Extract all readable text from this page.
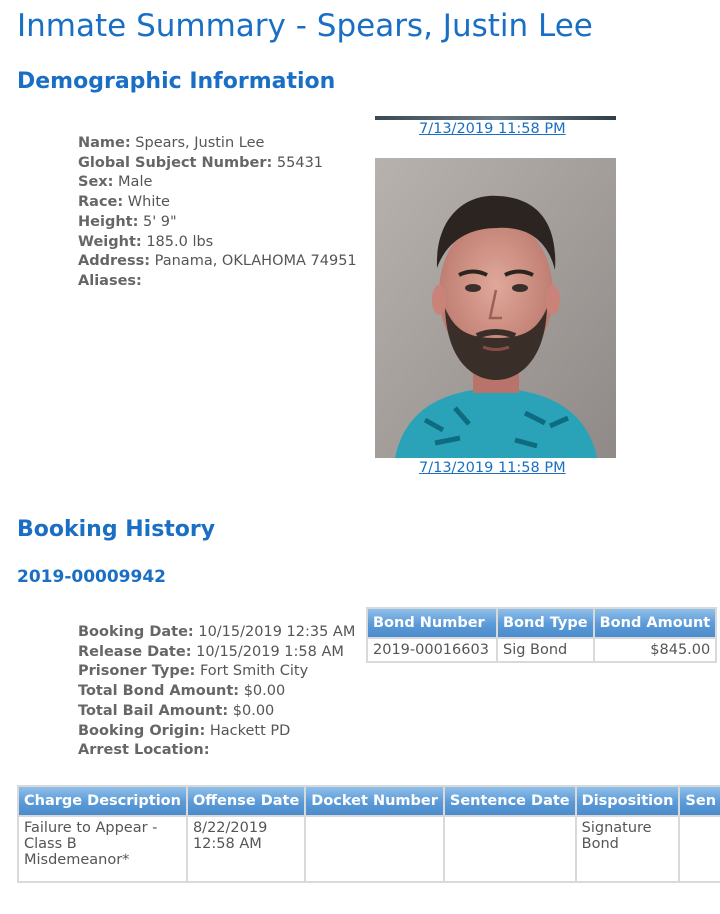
Inmate Summary - Spears, Justin Lee
Demographic Information
Name: Spears, Justin Lee
Global Subject Number: 55431
Sex: Male
Race: White
Height: 5' 9"
Weight: 185.0 lbs
Address: Panama, OKLAHOMA 74951
Aliases:
7/13/2019 11:58 PM
7/13/2019 11:58 PM
Booking History
2019-00009942
Booking Date: 10/15/2019 12:35 AM
Release Date: 10/15/2019 1:58 AM
Prisoner Type: Fort Smith City
Total Bond Amount: $0.00
Total Bail Amount: $0.00
Booking Origin: Hackett PD
Arrest Location:
Bond Number	Bond Type	Bond Amount
2019-00016603	Sig Bond	$845.00
Charge Description	Offense Date	Docket Number	Sentence Date	Disposition	Sen
Failure to Appear - Class B Misdemeanor*	8/22/2019 12:58 AM			Signature Bond	
